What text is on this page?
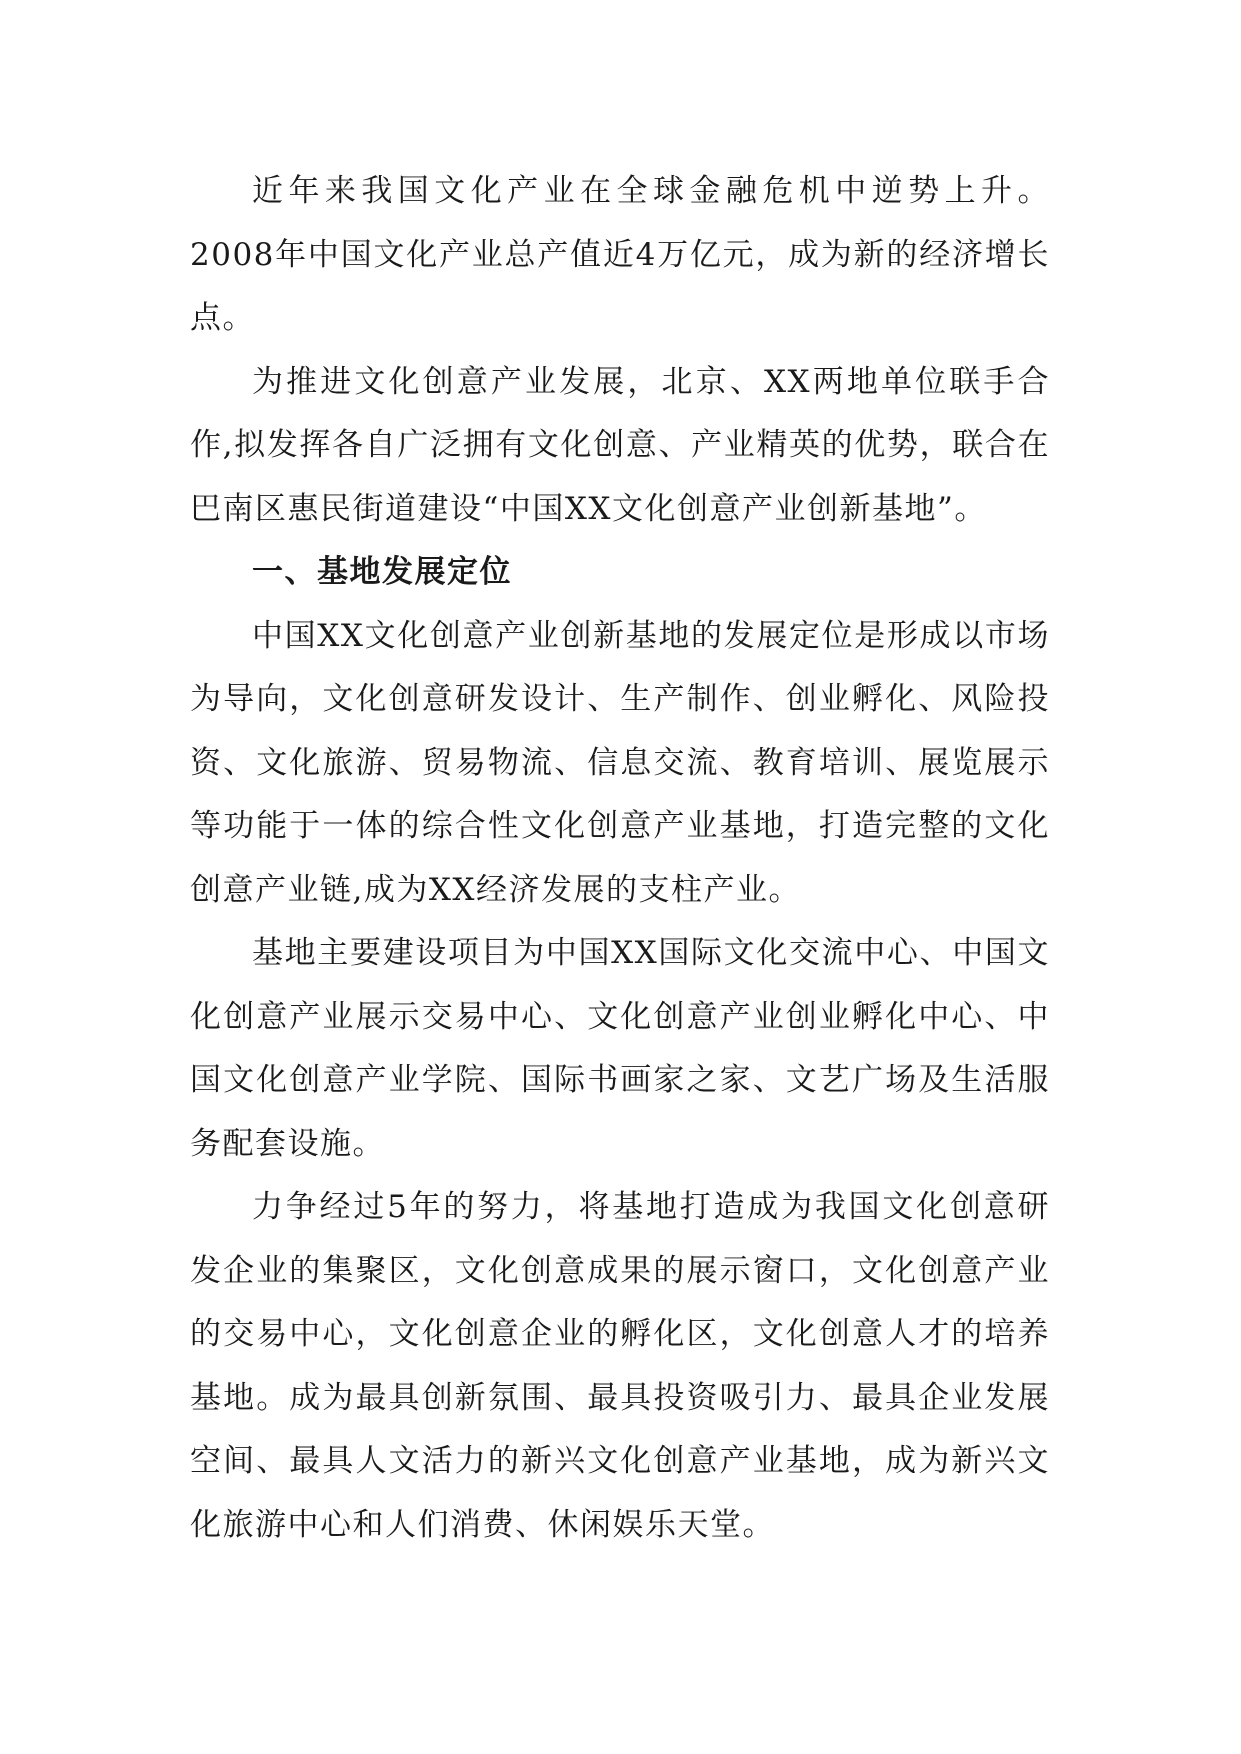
近年来我国文化产业在全球金融危机中逆势上升。2008年中国文化产业总产值近4万亿元，成为新的经济增长点。

为推进文化创意产业发展，北京、XX两地单位联手合作,拟发挥各自广泛拥有文化创意、产业精英的优势，联合在巴南区惠民街道建设“中国XX文化创意产业创新基地”。

一、基地发展定位

中国XX文化创意产业创新基地的发展定位是形成以市场为导向，文化创意研发设计、生产制作、创业孵化、风险投资、文化旅游、贸易物流、信息交流、教育培训、展览展示等功能于一体的综合性文化创意产业基地，打造完整的文化创意产业链,成为XX经济发展的支柱产业。

基地主要建设项目为中国XX国际文化交流中心、中国文化创意产业展示交易中心、文化创意产业创业孵化中心、中国文化创意产业学院、国际书画家之家、文艺广场及生活服务配套设施。

力争经过5年的努力，将基地打造成为我国文化创意研发企业的集聚区，文化创意成果的展示窗口，文化创意产业的交易中心，文化创意企业的孵化区，文化创意人才的培养基地。成为最具创新氛围、最具投资吸引力、最具企业发展空间、最具人文活力的新兴文化创意产业基地，成为新兴文化旅游中心和人们消费、休闲娱乐天堂。
